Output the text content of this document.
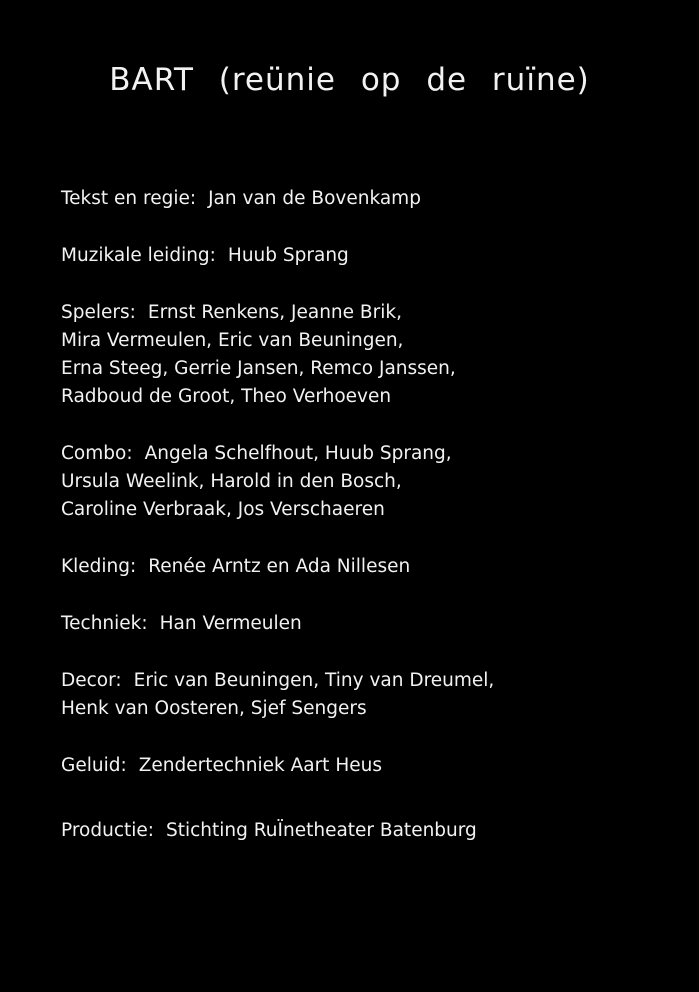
BART (reünie op de ruïne)
Tekst en regie: Jan van de Bovenkamp
Muzikale leiding: Huub Sprang
Spelers: Ernst Renkens, Jeanne Brik,
Mira Vermeulen, Eric van Beuningen,
Erna Steeg, Gerrie Jansen, Remco Janssen,
Radboud de Groot, Theo Verhoeven
Combo: Angela Schelfhout, Huub Sprang,
Ursula Weelink, Harold in den Bosch,
Caroline Verbraak, Jos Verschaeren
Kleding: Renée Arntz en Ada Nillesen
Techniek: Han Vermeulen
Decor: Eric van Beuningen, Tiny van Dreumel,
Henk van Oosteren, Sjef Sengers
Geluid: Zendertechniek Aart Heus
Productie: Stichting RuÏnetheater Batenburg
